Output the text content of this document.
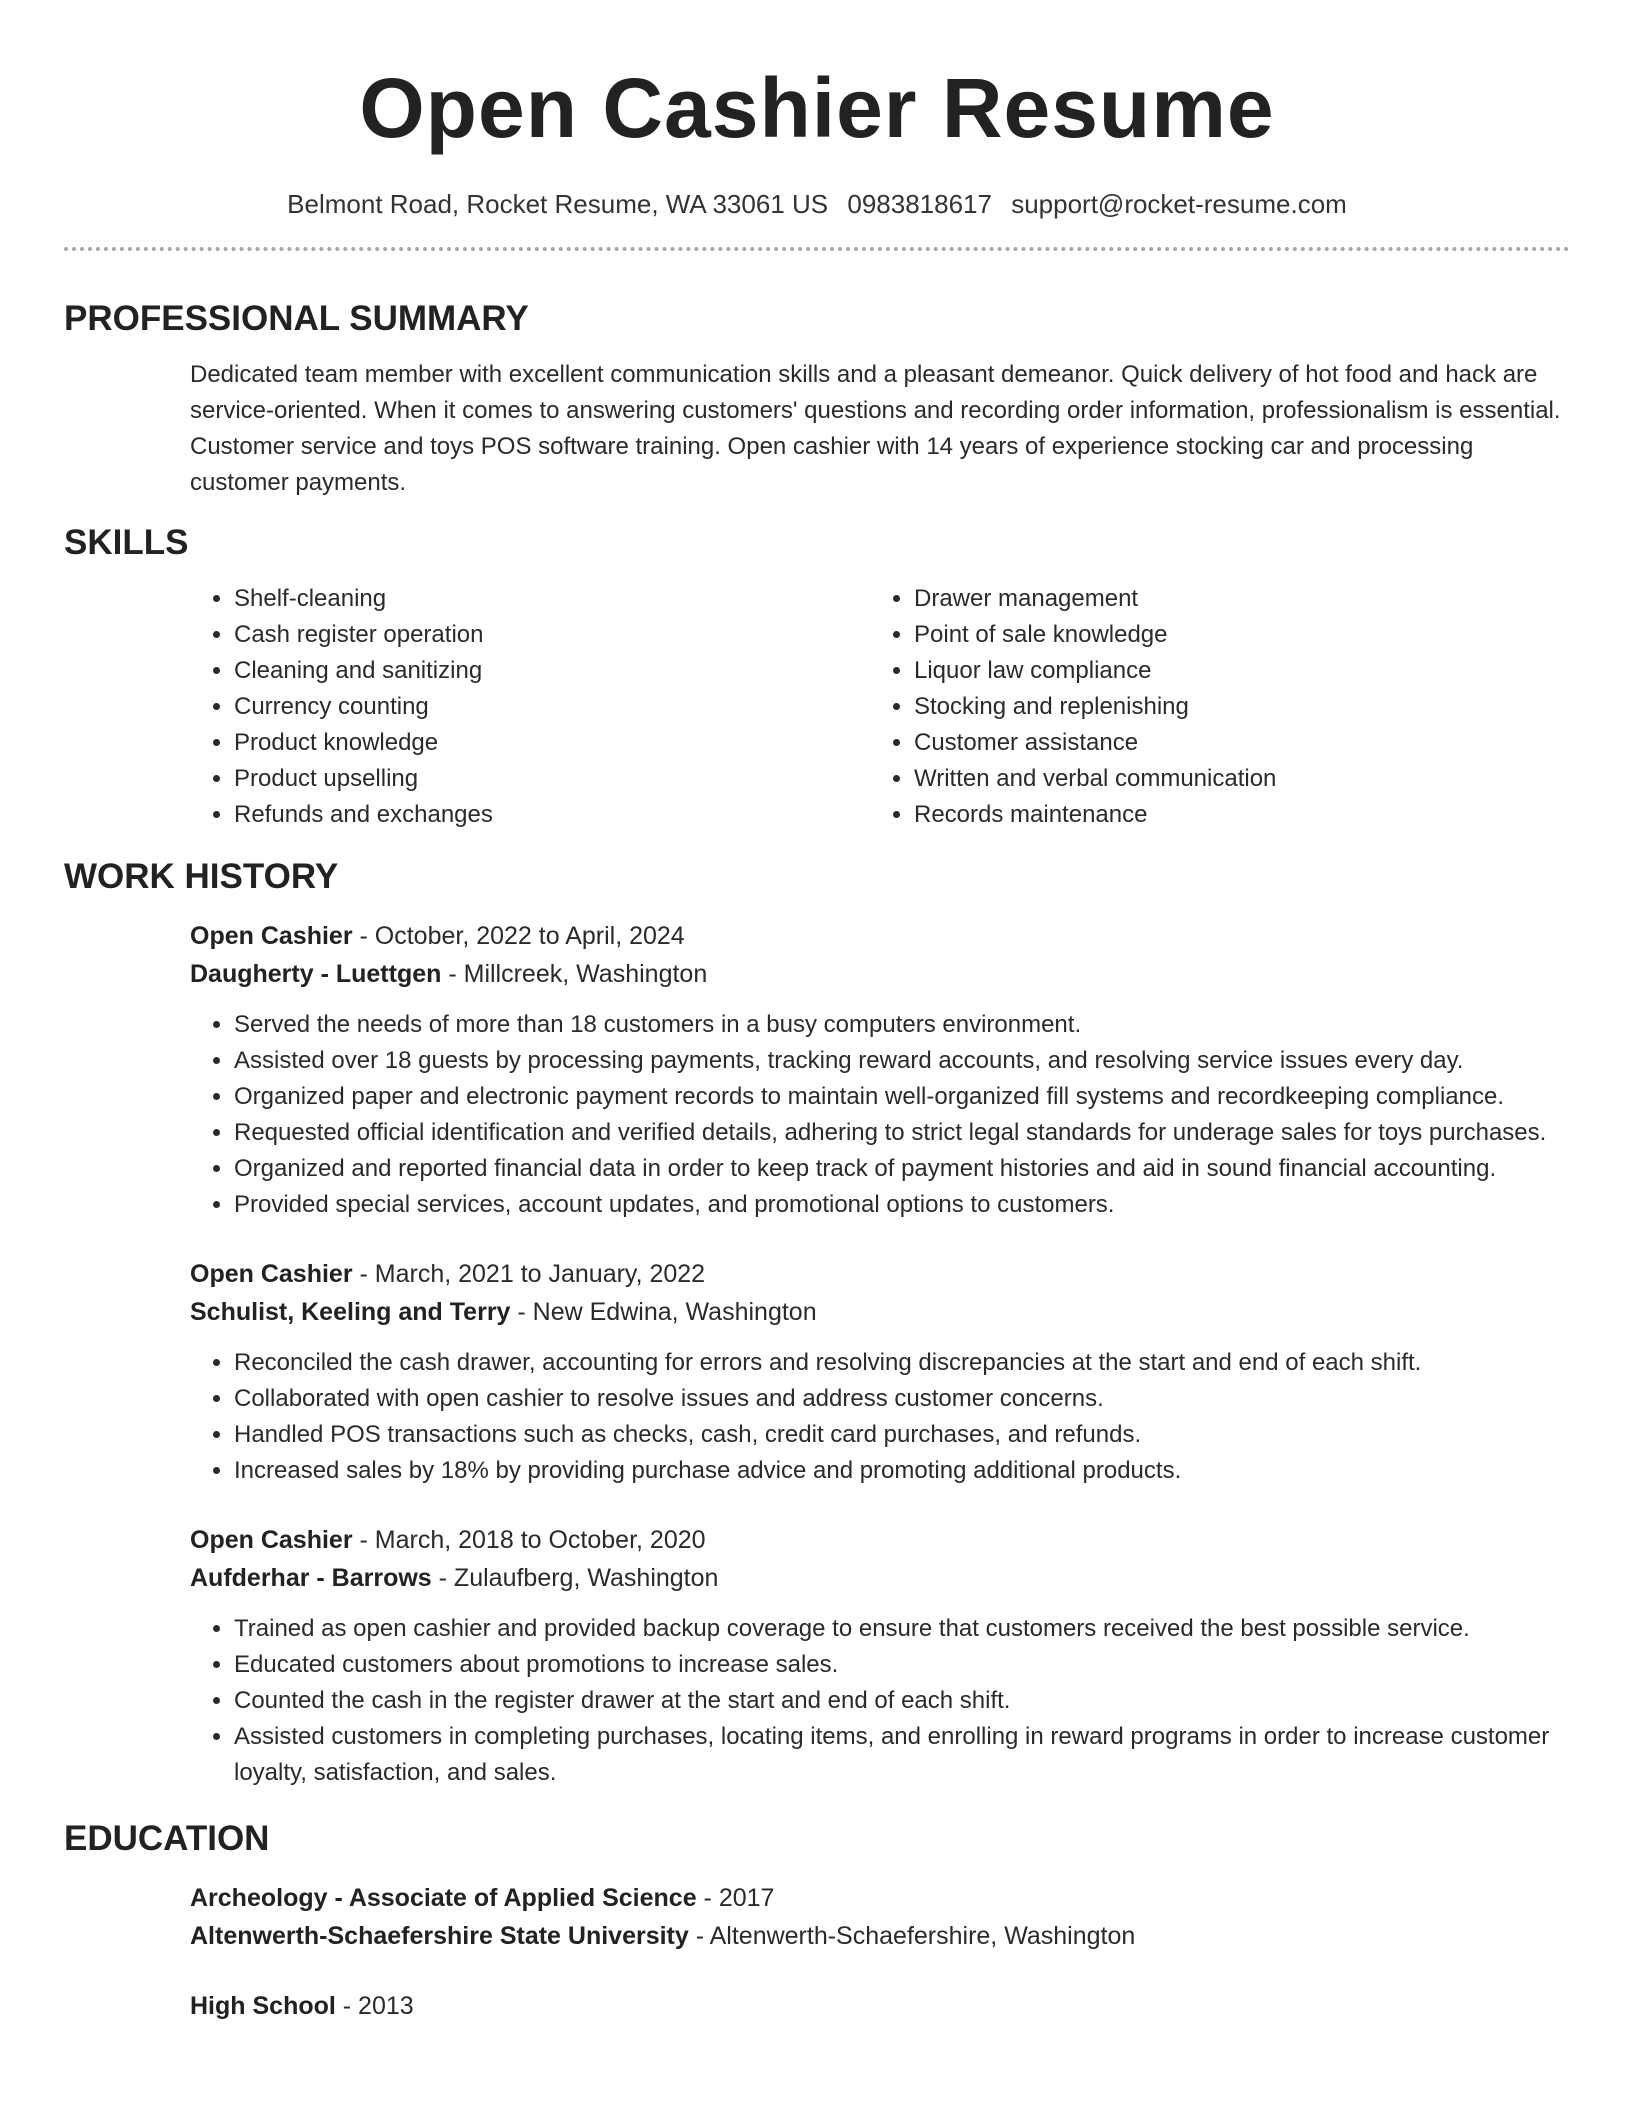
Open Cashier Resume
Belmont Road, Rocket Resume, WA 33061 US 0983818617 support@rocket-resume.com
PROFESSIONAL SUMMARY

Dedicated team member with excellent communication skills and a pleasant demeanor. Quick delivery of hot food and hack are service-oriented. When it comes to answering customers' questions and recording order information, professionalism is essential. Customer service and toys POS software training. Open cashier with 14 years of experience stocking car and processing customer payments.

SKILLS
• Shelf-cleaning
• Cash register operation
• Cleaning and sanitizing
• Currency counting
• Product knowledge
• Product upselling
• Refunds and exchanges
• Drawer management
• Point of sale knowledge
• Liquor law compliance
• Stocking and replenishing
• Customer assistance
• Written and verbal communication
• Records maintenance
WORK HISTORY
Open Cashier - October, 2022 to April, 2024
Daugherty - Luettgen - Millcreek, Washington
• Served the needs of more than 18 customers in a busy computers environment.
• Assisted over 18 guests by processing payments, tracking reward accounts, and resolving service issues every day.
• Organized paper and electronic payment records to maintain well-organized fill systems and recordkeeping compliance.
• Requested official identification and verified details, adhering to strict legal standards for underage sales for toys purchases.
• Organized and reported financial data in order to keep track of payment histories and aid in sound financial accounting.
• Provided special services, account updates, and promotional options to customers.
Open Cashier - March, 2021 to January, 2022
Schulist, Keeling and Terry - New Edwina, Washington
• Reconciled the cash drawer, accounting for errors and resolving discrepancies at the start and end of each shift.
• Collaborated with open cashier to resolve issues and address customer concerns.
• Handled POS transactions such as checks, cash, credit card purchases, and refunds.
• Increased sales by 18% by providing purchase advice and promoting additional products.
Open Cashier - March, 2018 to October, 2020
Aufderhar - Barrows - Zulaufberg, Washington
• Trained as open cashier and provided backup coverage to ensure that customers received the best possible service.
• Educated customers about promotions to increase sales.
• Counted the cash in the register drawer at the start and end of each shift.
• Assisted customers in completing purchases, locating items, and enrolling in reward programs in order to increase customer loyalty, satisfaction, and sales.
EDUCATION
Archeology - Associate of Applied Science - 2017
Altenwerth-Schaefershire State University - Altenwerth-Schaefershire, Washington
High School - 2013
